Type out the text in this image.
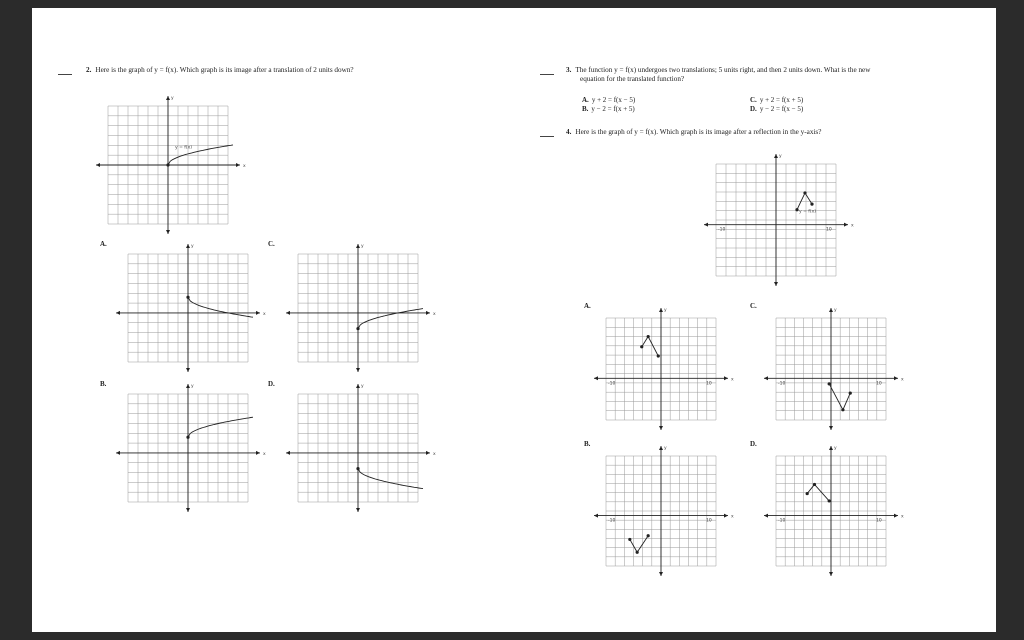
2. Here is the graph of y = f(x). Which graph is its image after a translation of 2 units down?
x
y
y = f(x)
A.
x
y	C.
x
y
B.
x
y	D.
x
y
3. The function y = f(x) undergoes two translations; 5 units right, and then 2 units down. What is the new
equation for the translated function?
A. y + 2 = f(x − 5)
B. y − 2 = f(x + 5)
C. y + 2 = f(x + 5)
D. y − 2 = f(x − 5)
4. Here is the graph of y = f(x). Which graph is its image after a reflection in the y-axis?
x
y
-10	10
y = f(x)
A.
x
y
-10	10
C.
x
y
-10	10
B.
x
y
-10	10
D.
x
y
-10	10
